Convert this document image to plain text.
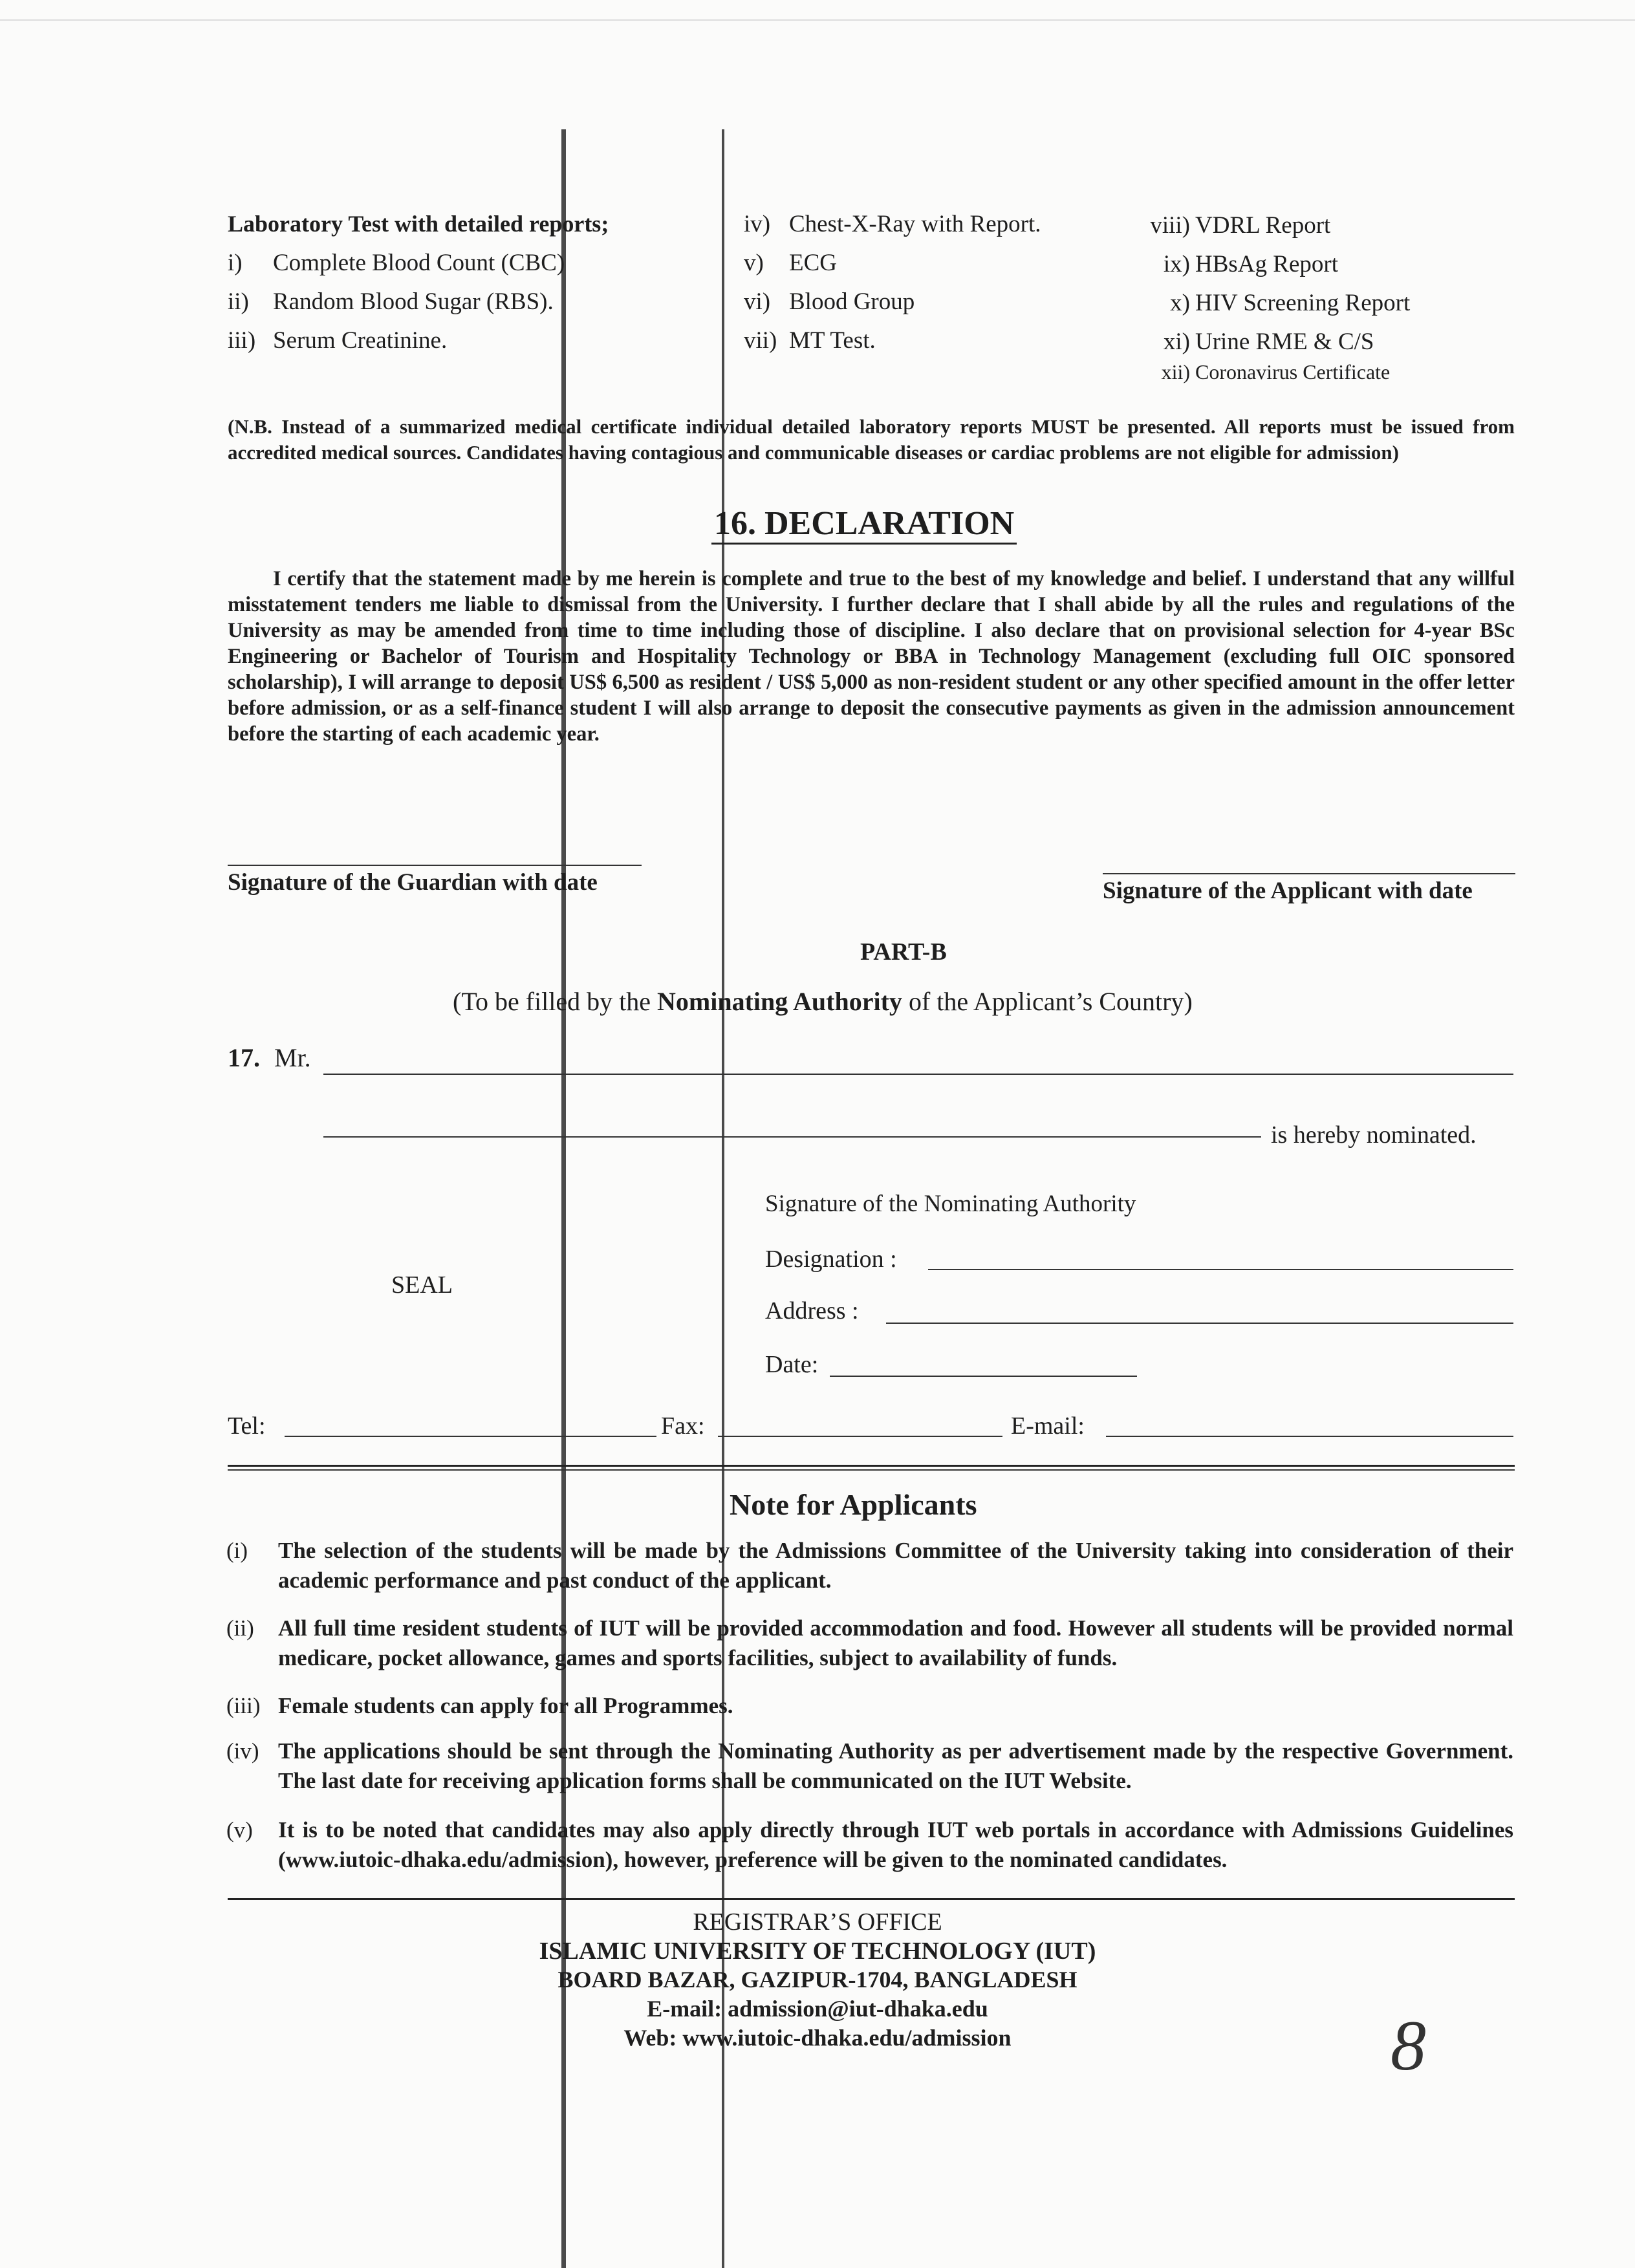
Laboratory Test with detailed reports;
i) Complete Blood Count (CBC)
ii) Random Blood Sugar (RBS).
iii) Serum Creatinine.
iv) Chest-X-Ray with Report.
v) ECG
vi) Blood Group
vii) MT Test.
viii) VDRL Report
ix) HBsAg Report
x) HIV Screening Report
xi) Urine RME & C/S
xii) Coronavirus Certificate
(N.B. Instead of a summarized medical certificate individual detailed laboratory reports MUST be presented. All reports must be issued from accredited medical sources. Candidates having contagious and communicable diseases or cardiac problems are not eligible for admission)
16. DECLARATION
I certify that the statement made by me herein is complete and true to the best of my knowledge and belief. I understand that any willful misstatement tenders me liable to dismissal from the University. I further declare that I shall abide by all the rules and regulations of the University as may be amended from time to time including those of discipline. I also declare that on provisional selection for 4-year BSc Engineering or Bachelor of Tourism and Hospitality Technology or BBA in Technology Management (excluding full OIC sponsored scholarship), I will arrange to deposit US$ 6,500 as resident / US$ 5,000 as non-resident student or any other specified amount in the offer letter before admission, or as a self-finance student I will also arrange to deposit the consecutive payments as given in the admission announcement before the starting of each academic year.
Signature of the Guardian with date	Signature of the Applicant with date
PART-B
(To be filled by the Nominating Authority of the Applicant’s Country)
17. Mr.
is hereby nominated.
Signature of the Nominating Authority
SEAL
Designation :
Address :
Date:
Tel:	Fax:	E-mail:
Note for Applicants
(i) The selection of the students will be made by the Admissions Committee of the University taking into consideration of their academic performance and past conduct of the applicant.
(ii) All full time resident students of IUT will be provided accommodation and food. However all students will be provided normal medicare, pocket allowance, games and sports facilities, subject to availability of funds.
(iii) Female students can apply for all Programmes.
(iv) The applications should be sent through the Nominating Authority as per advertisement made by the respective Government. The last date for receiving application forms shall be communicated on the IUT Website.
(v) It is to be noted that candidates may also apply directly through IUT web portals in accordance with Admissions Guidelines (www.iutoic-dhaka.edu/admission), however, preference will be given to the nominated candidates.
REGISTRAR’S OFFICE
ISLAMIC UNIVERSITY OF TECHNOLOGY (IUT)
BOARD BAZAR, GAZIPUR-1704, BANGLADESH
E-mail: admission@iut-dhaka.edu
Web: www.iutoic-dhaka.edu/admission	8
